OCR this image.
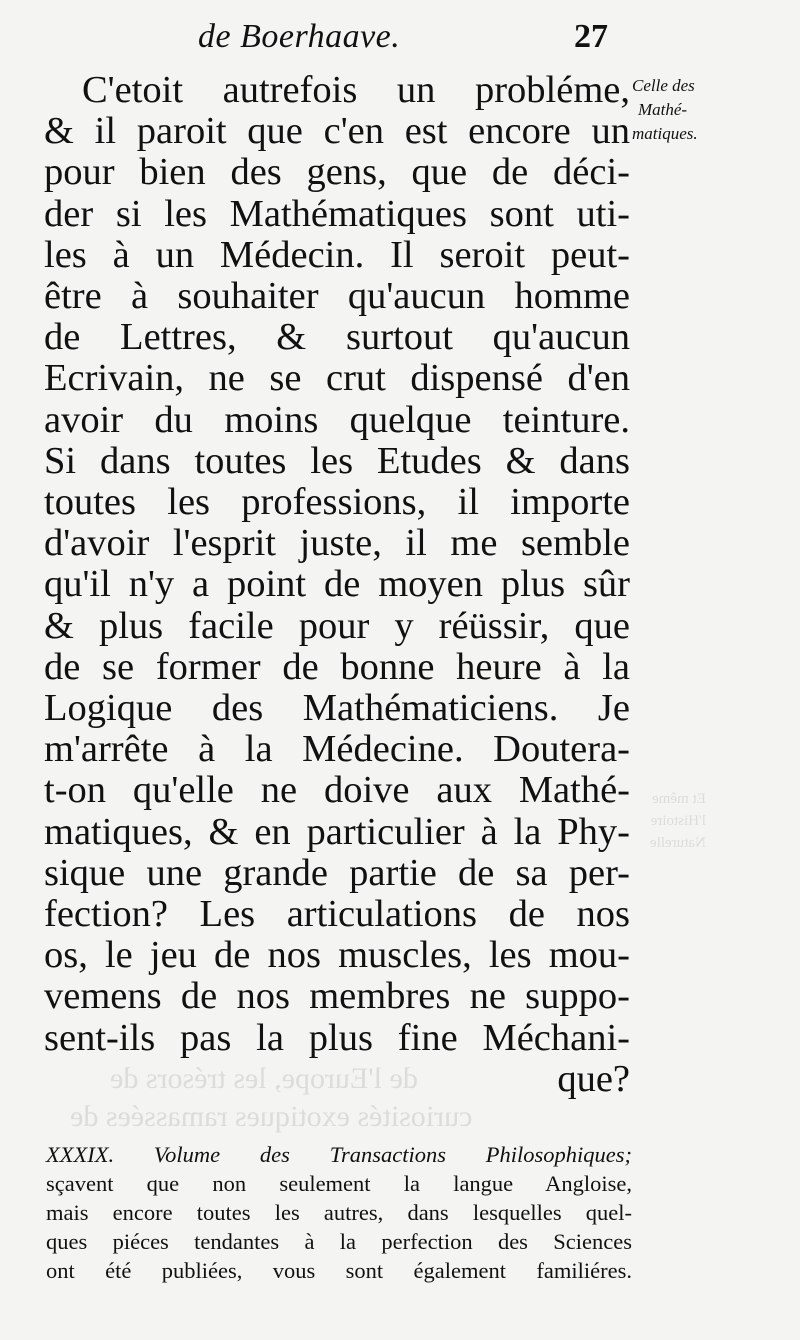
de l'Europe, les trésors de
curiosités exotiques ramassées de
Et même
l'Histoire
Naturelle
de Boerhaave.	27
Celle des
Mathé-
matiques.
C'etoit autrefois un probléme,
& il paroit que c'en est encore un
pour bien des gens, que de déci-
der si les Mathématiques sont uti-
les à un Médecin. Il seroit peut-
être à souhaiter qu'aucun homme
de Lettres, & surtout qu'aucun
Ecrivain, ne se crut dispensé d'en
avoir du moins quelque teinture.
Si dans toutes les Etudes & dans
toutes les professions, il importe
d'avoir l'esprit juste, il me semble
qu'il n'y a point de moyen plus sûr
& plus facile pour y réüssir, que
de se former de bonne heure à la
Logique des Mathématiciens. Je
m'arrête à la Médecine. Doutera-
t-on qu'elle ne doive aux Mathé-
matiques, & en particulier à la Phy-
sique une grande partie de sa per-
fection? Les articulations de nos
os, le jeu de nos muscles, les mou-
vemens de nos membres ne suppo-
sent-ils pas la plus fine Méchani-
que?
XXXIX. Volume des Transactions Philosophiques;
sçavent que non seulement la langue Angloise,
mais encore toutes les autres, dans lesquelles quel-
ques piéces tendantes à la perfection des Sciences
ont été publiées, vous sont également familiéres.
